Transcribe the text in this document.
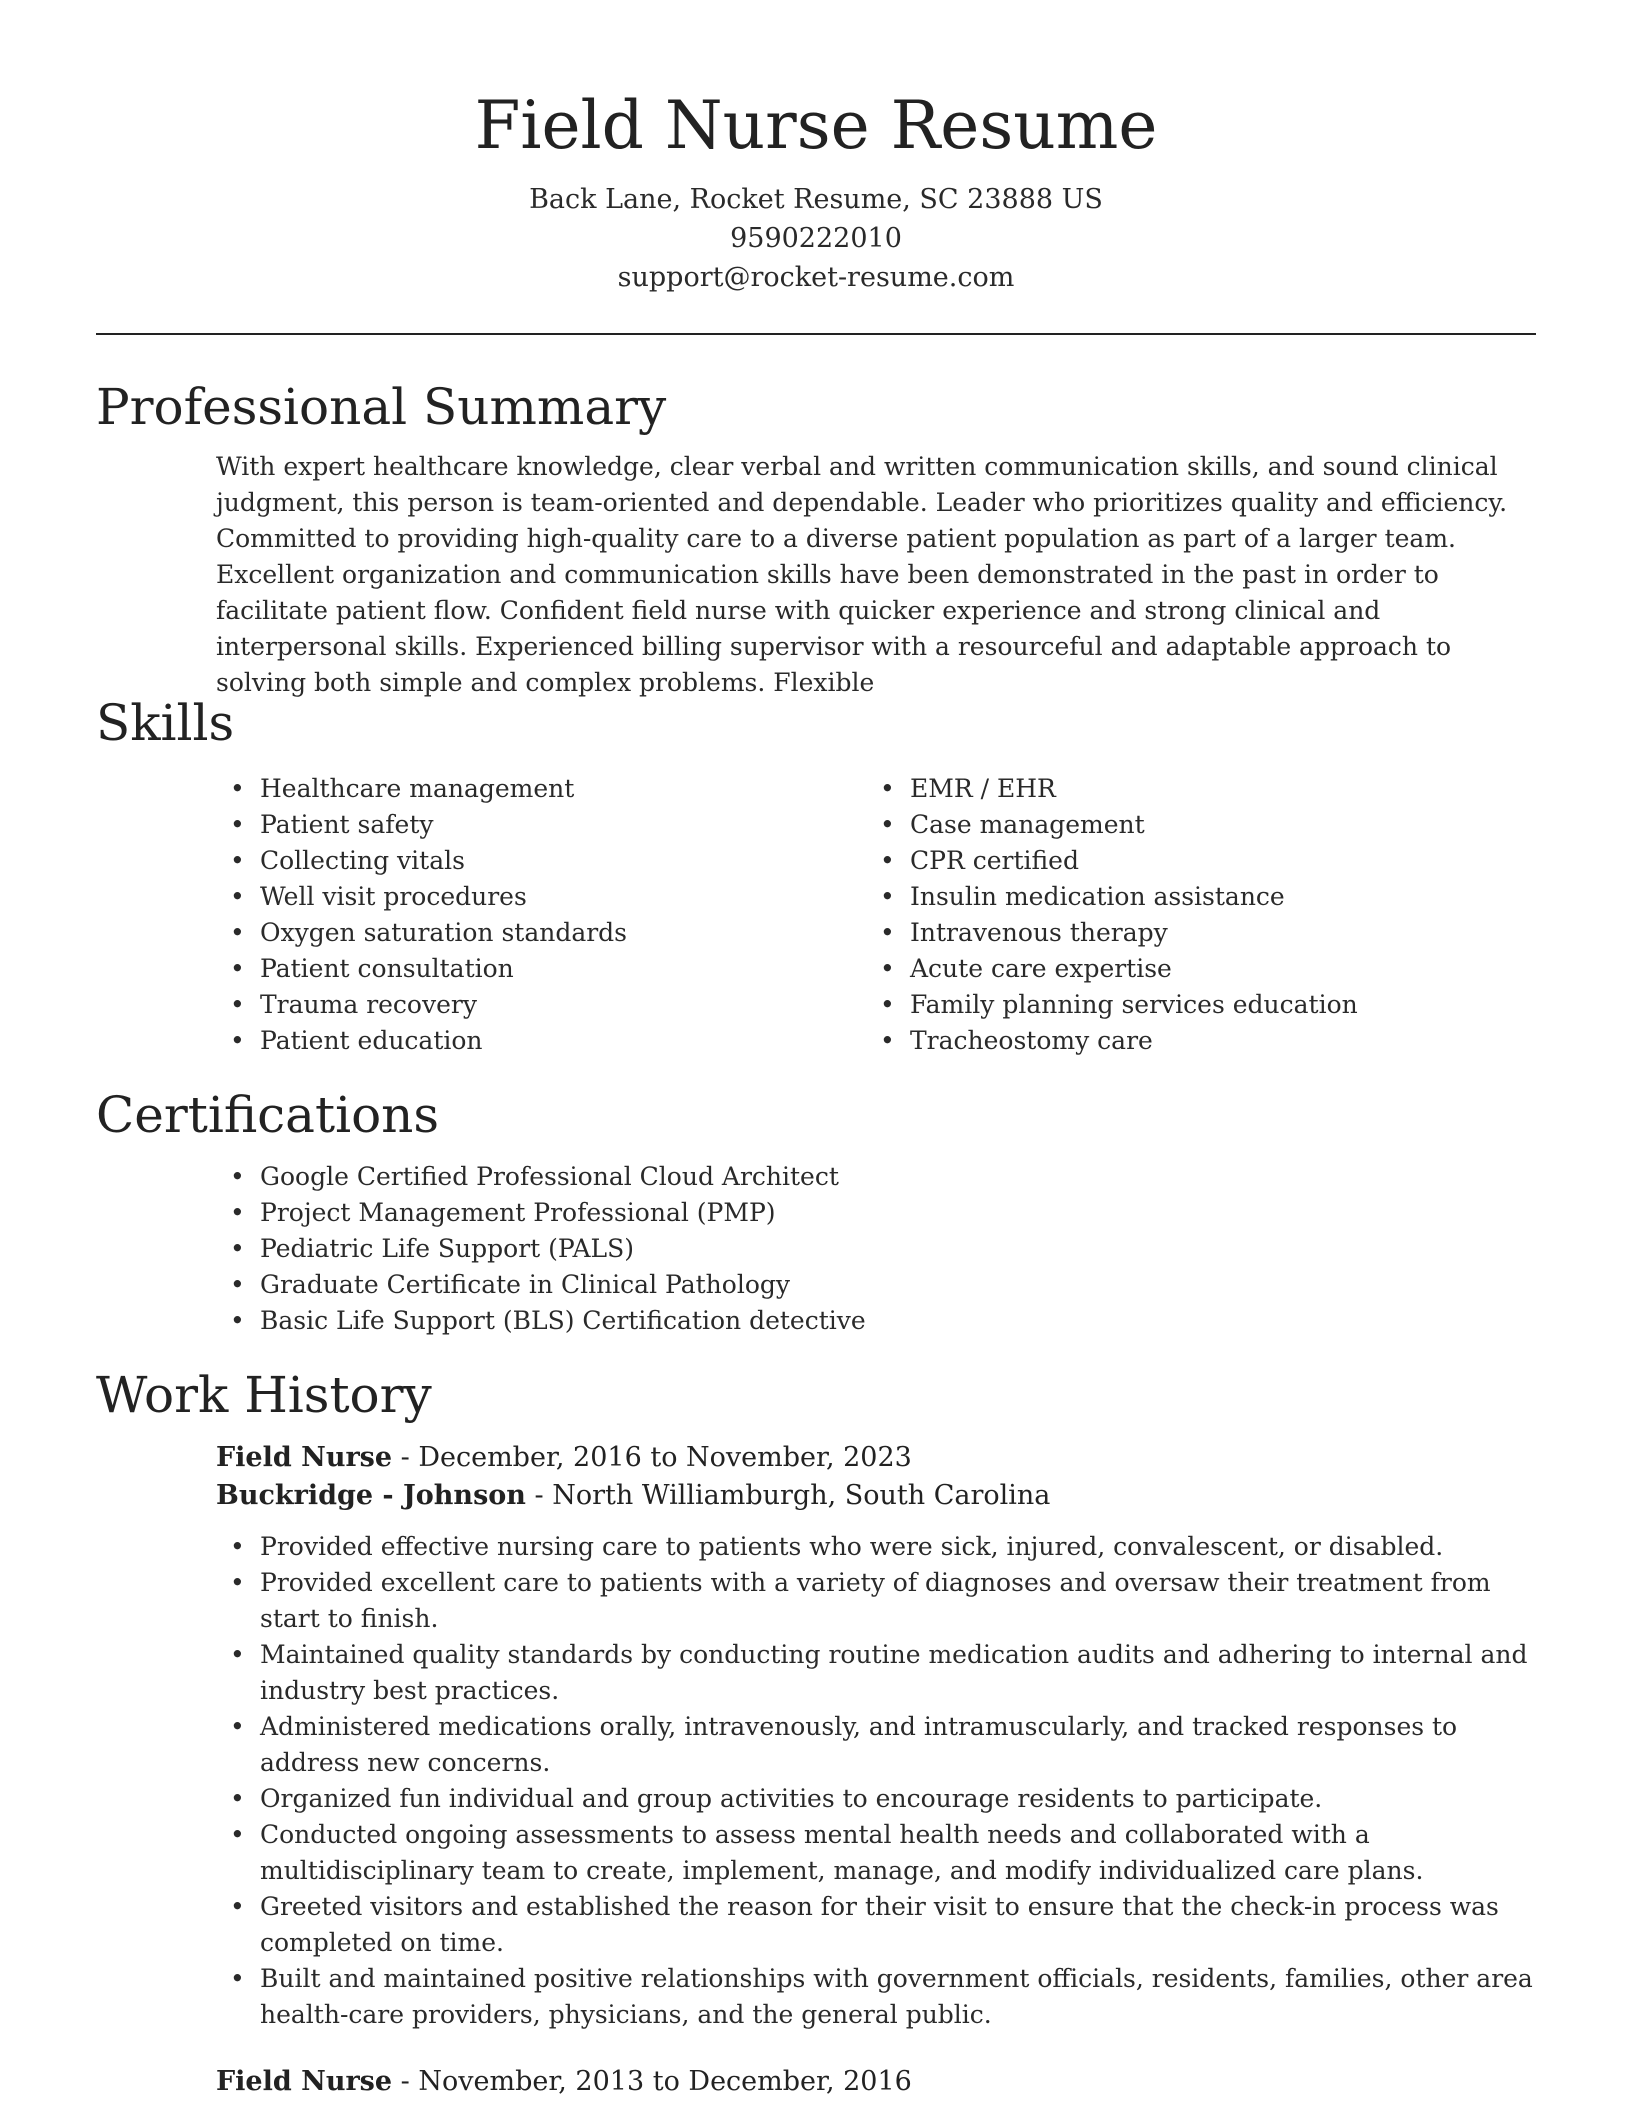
Field Nurse Resume
Back Lane, Rocket Resume, SC 23888 US
9590222010
support@rocket-resume.com
Professional Summary

With expert healthcare knowledge, clear verbal and written communication skills, and sound clinical judgment, this person is team-oriented and dependable. Leader who prioritizes quality and efficiency. Committed to providing high-quality care to a diverse patient population as part of a larger team. Excellent organization and communication skills have been demonstrated in the past in order to facilitate patient flow. Confident field nurse with quicker experience and strong clinical and interpersonal skills. Experienced billing supervisor with a resourceful and adaptable approach to solving both simple and complex problems. Flexible

Skills
• Healthcare management
• Patient safety
• Collecting vitals
• Well visit procedures
• Oxygen saturation standards
• Patient consultation
• Trauma recovery
• Patient education
• EMR / EHR
• Case management
• CPR certified
• Insulin medication assistance
• Intravenous therapy
• Acute care expertise
• Family planning services education
• Tracheostomy care
Certifications
• Google Certified Professional Cloud Architect
• Project Management Professional (PMP)
• Pediatric Life Support (PALS)
• Graduate Certificate in Clinical Pathology
• Basic Life Support (BLS) Certification detective
Work History
Field Nurse - December, 2016 to November, 2023
Buckridge - Johnson - North Williamburgh, South Carolina
• Provided effective nursing care to patients who were sick, injured, convalescent, or disabled.
• Provided excellent care to patients with a variety of diagnoses and oversaw their treatment from start to finish.
• Maintained quality standards by conducting routine medication audits and adhering to internal and industry best practices.
• Administered medications orally, intravenously, and intramuscularly, and tracked responses to address new concerns.
• Organized fun individual and group activities to encourage residents to participate.
• Conducted ongoing assessments to assess mental health needs and collaborated with a multidisciplinary team to create, implement, manage, and modify individualized care plans.
• Greeted visitors and established the reason for their visit to ensure that the check-in process was completed on time.
• Built and maintained positive relationships with government officials, residents, families, other area health-care providers, physicians, and the general public.
Field Nurse - November, 2013 to December, 2016
